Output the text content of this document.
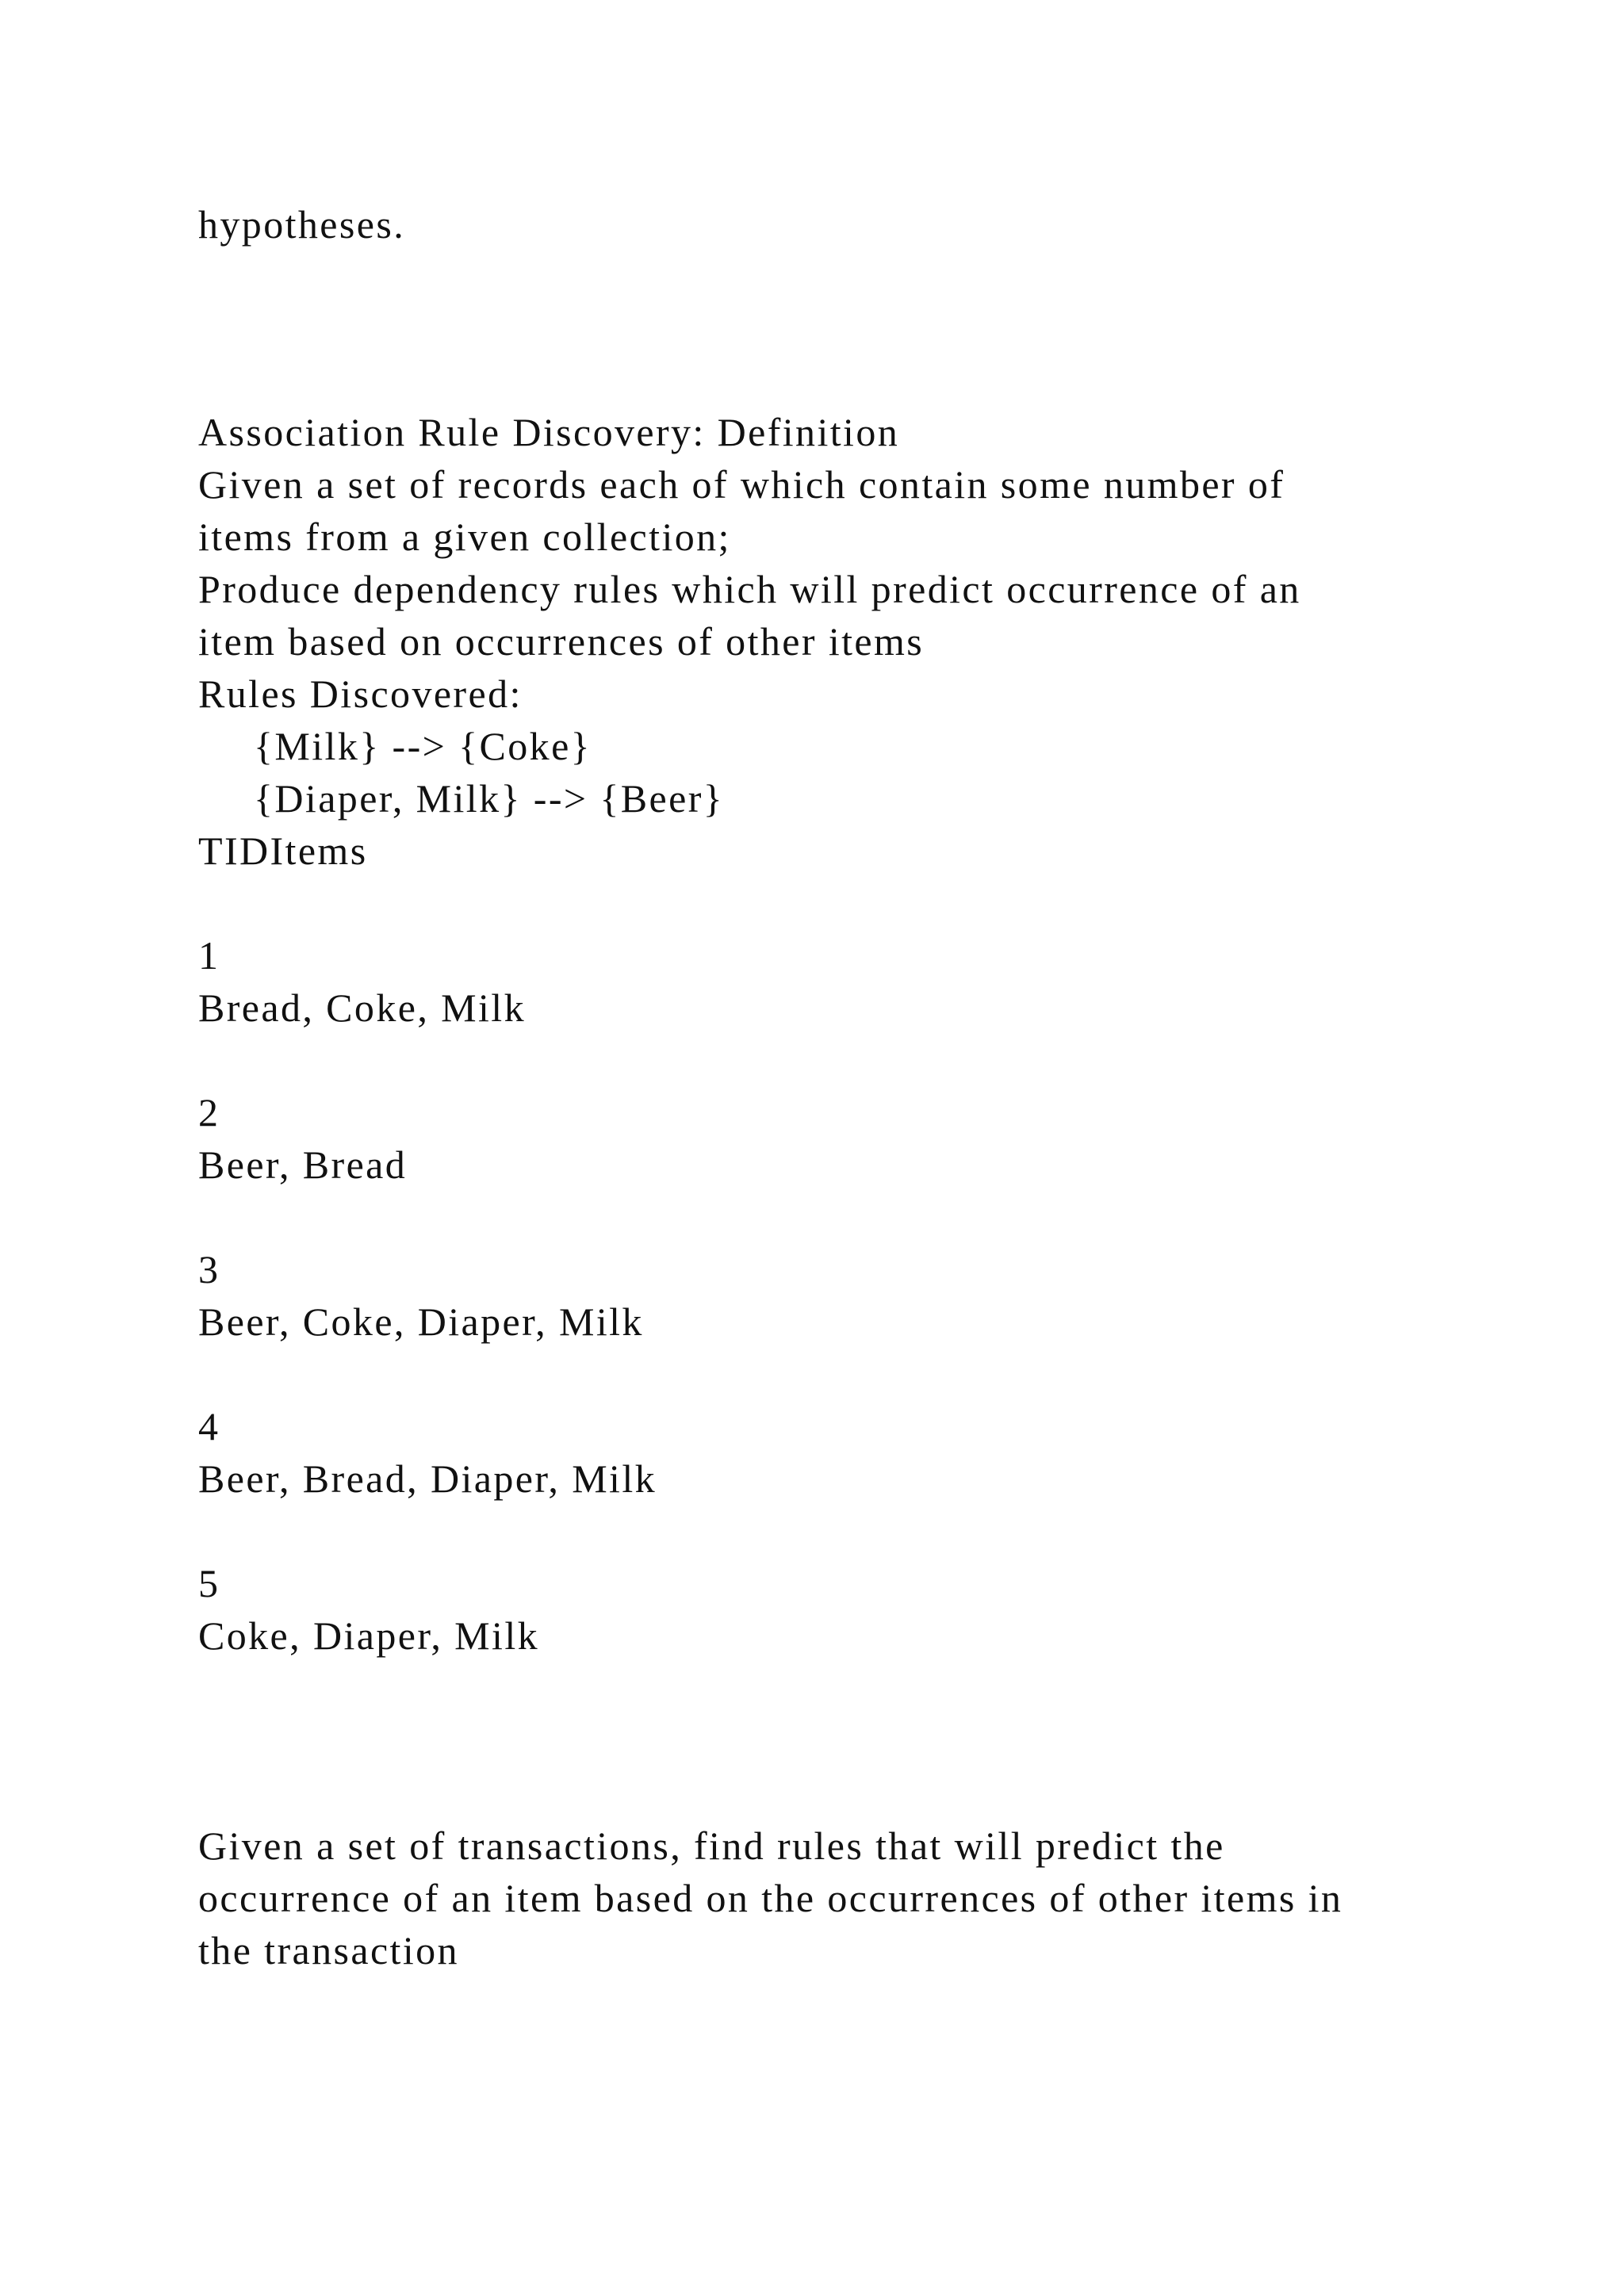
hypotheses.

Association Rule Discovery: Definition

Given a set of records each of which contain some number of

items from a given collection;

Produce dependency rules which will predict occurrence of an

item based on occurrences of other items

Rules Discovered:

{Milk} --> {Coke}

{Diaper, Milk} --> {Beer}

TIDItems

1

Bread, Coke, Milk

2

Beer, Bread

3

Beer, Coke, Diaper, Milk

4

Beer, Bread, Diaper, Milk

5

Coke, Diaper, Milk

Given a set of transactions, find rules that will predict the

occurrence of an item based on the occurrences of other items in

the transaction
